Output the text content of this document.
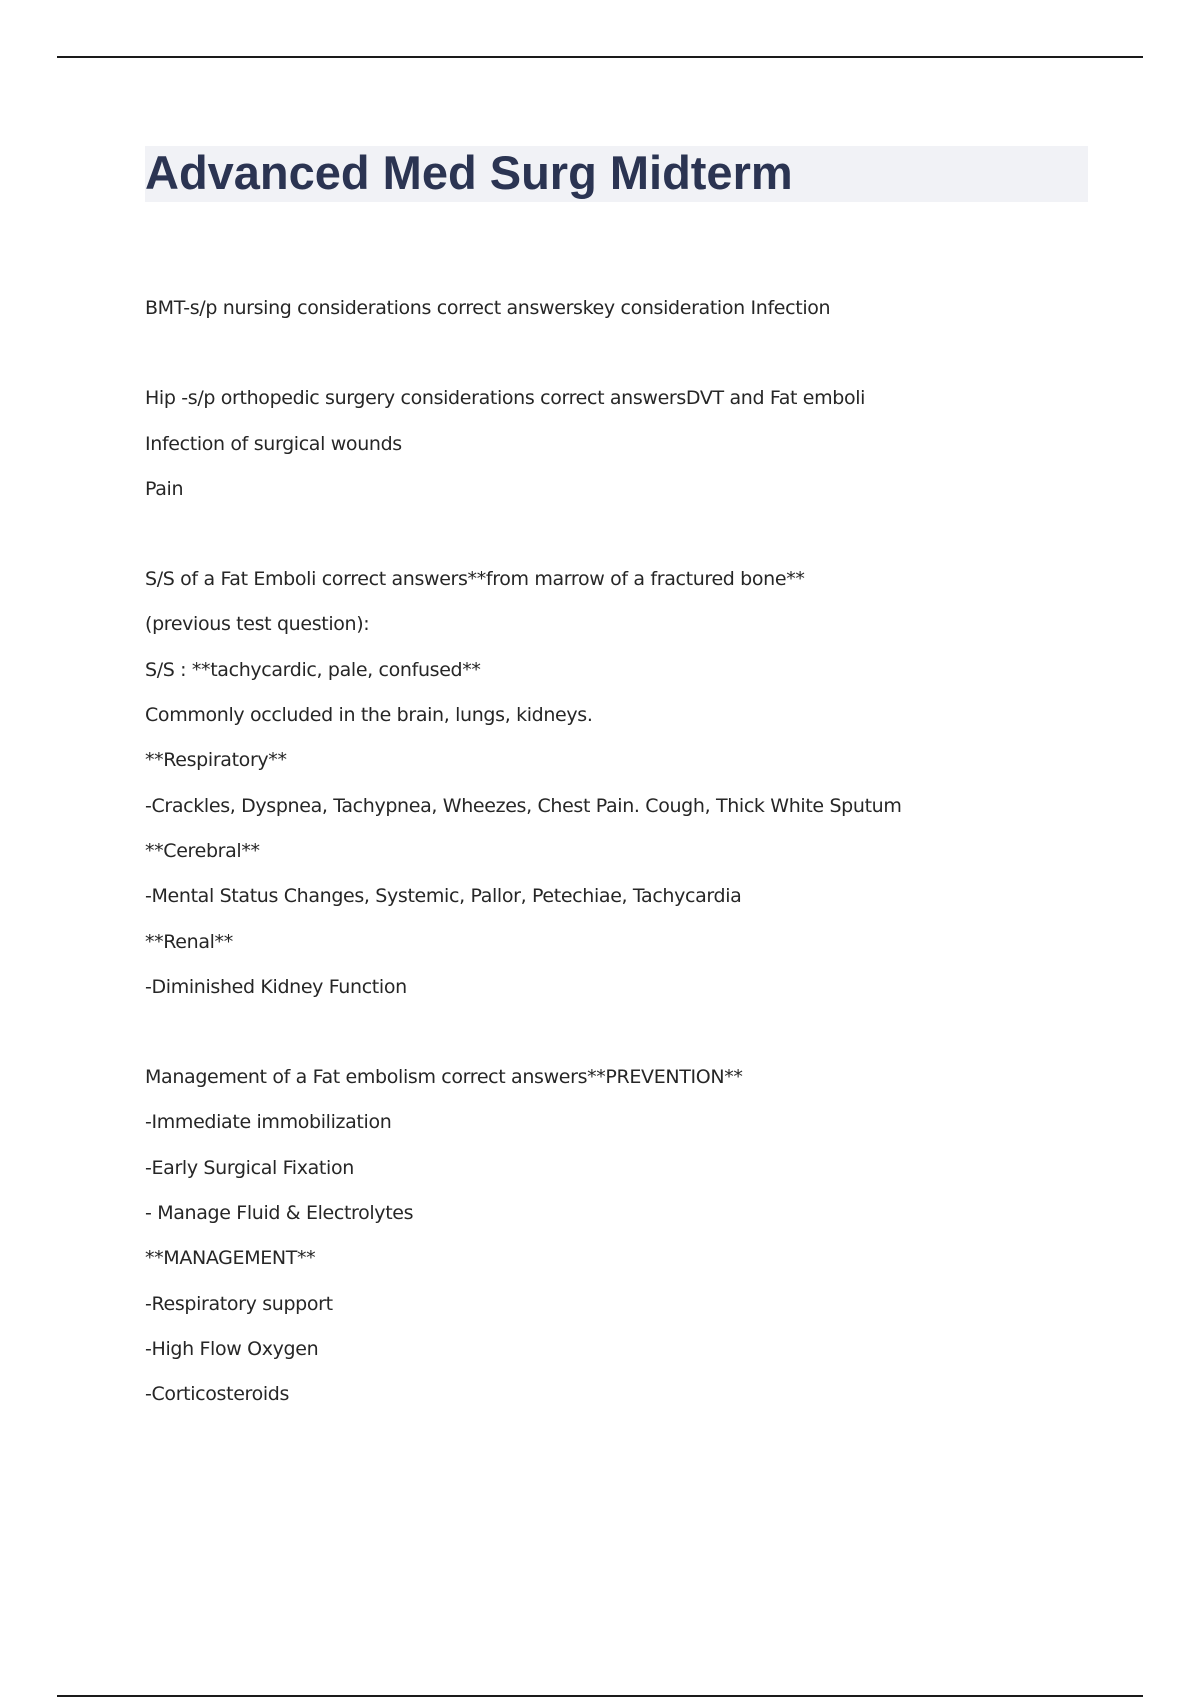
Advanced Med Surg Midterm
BMT-s/p nursing considerations correct answerskey consideration Infection
Hip -s/p orthopedic surgery considerations correct answersDVT and Fat emboli
Infection of surgical wounds
Pain
S/S of a Fat Emboli correct answers**from marrow of a fractured bone**
(previous test question):
S/S : **tachycardic, pale, confused**
Commonly occluded in the brain, lungs, kidneys.
**Respiratory**
-Crackles, Dyspnea, Tachypnea, Wheezes, Chest Pain. Cough, Thick White Sputum
**Cerebral**
-Mental Status Changes, Systemic, Pallor, Petechiae, Tachycardia
**Renal**
-Diminished Kidney Function
Management of a Fat embolism correct answers**PREVENTION**
-Immediate immobilization
-Early Surgical Fixation
- Manage Fluid & Electrolytes
**MANAGEMENT**
-Respiratory support
-High Flow Oxygen
-Corticosteroids
